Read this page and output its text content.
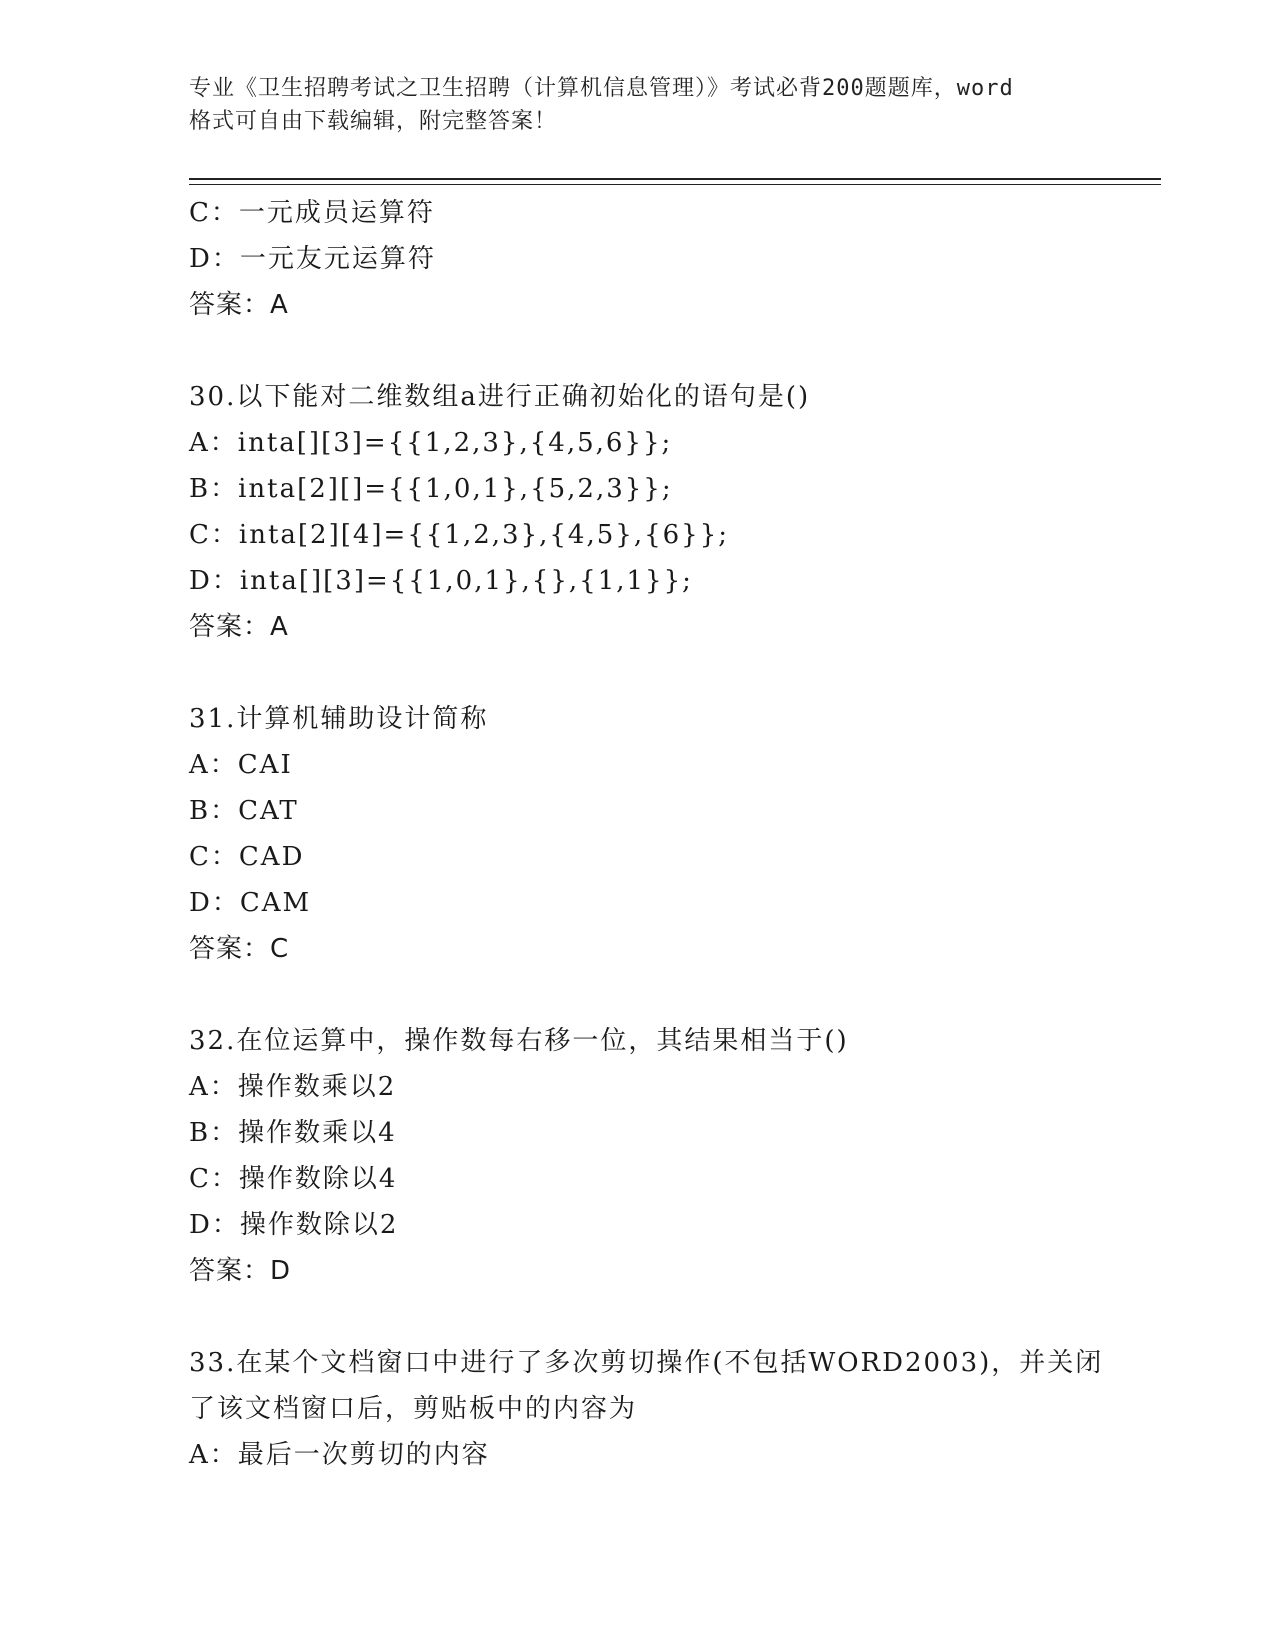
专业《卫生招聘考试之卫生招聘（计算机信息管理）》考试必背200题题库，word
格式可自由下载编辑，附完整答案！
C：一元成员运算符
D：一元友元运算符
答案：A
30.以下能对二维数组a进行正确初始化的语句是()
A：inta[][3]={{1,2,3},{4,5,6}};
B：inta[2][]={{1,0,1},{5,2,3}};
C：inta[2][4]={{1,2,3},{4,5},{6}};
D：inta[][3]={{1,0,1},{},{1,1}};
答案：A
31.计算机辅助设计简称
A：CAI
B：CAT
C：CAD
D：CAM
答案：C
32.在位运算中，操作数每右移一位，其结果相当于()
A：操作数乘以2
B：操作数乘以4
C：操作数除以4
D：操作数除以2
答案：D
33.在某个文档窗口中进行了多次剪切操作(不包括WORD2003)，并关闭
了该文档窗口后，剪贴板中的内容为
A：最后一次剪切的内容
